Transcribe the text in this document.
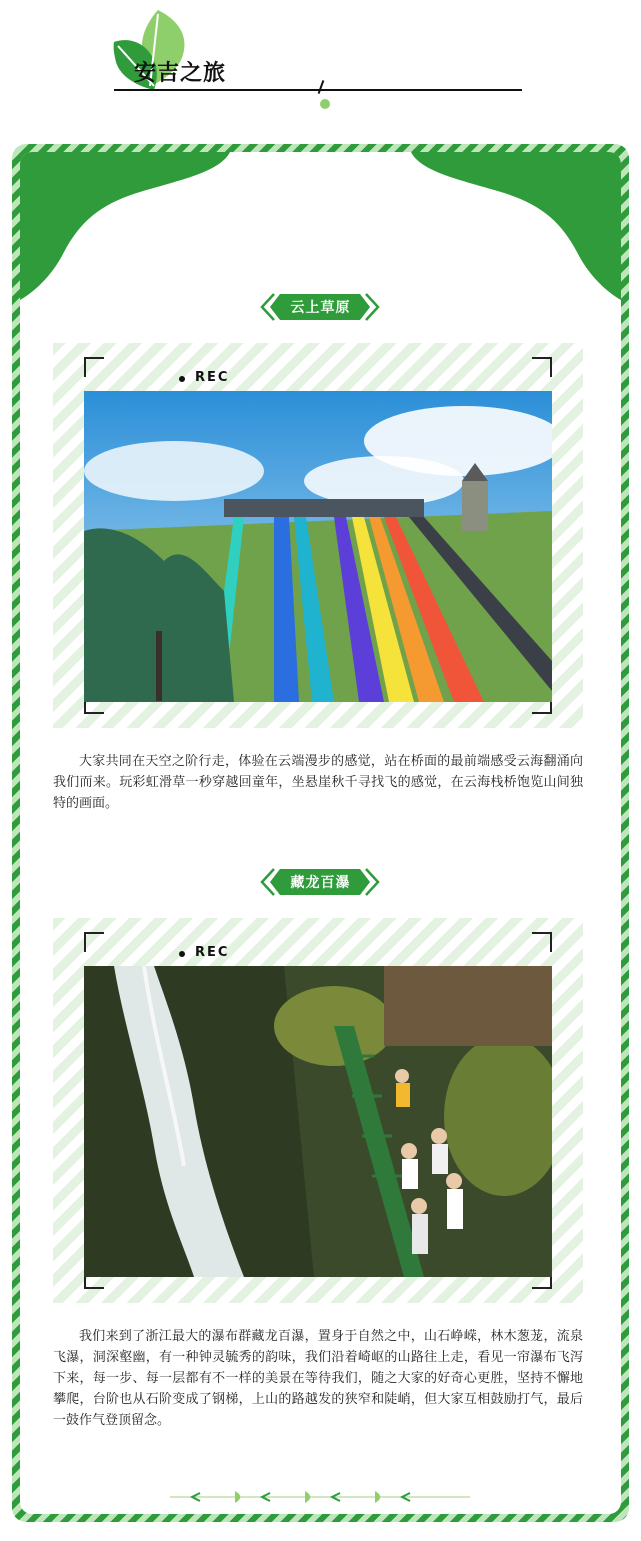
安吉之旅
云上草原
REC
大家共同在天空之阶行走，体验在云端漫步的感觉，站在桥面的最前端感受云海翻涌向我们而来。玩彩虹滑草一秒穿越回童年，坐悬崖秋千寻找飞的感觉，在云海栈桥饱览山间独特的画面。
藏龙百瀑
REC
我们来到了浙江最大的瀑布群藏龙百瀑，置身于自然之中，山石峥嵘，林木葱茏，流泉飞瀑，洞深壑幽，有一种钟灵毓秀的韵味，我们沿着崎岖的山路往上走，看见一帘瀑布飞泻下来，每一步、每一层都有不一样的美景在等待我们，随之大家的好奇心更胜，坚持不懈地攀爬，台阶也从石阶变成了钢梯，上山的路越发的狭窄和陡峭，但大家互相鼓励打气，最后一鼓作气登顶留念。
